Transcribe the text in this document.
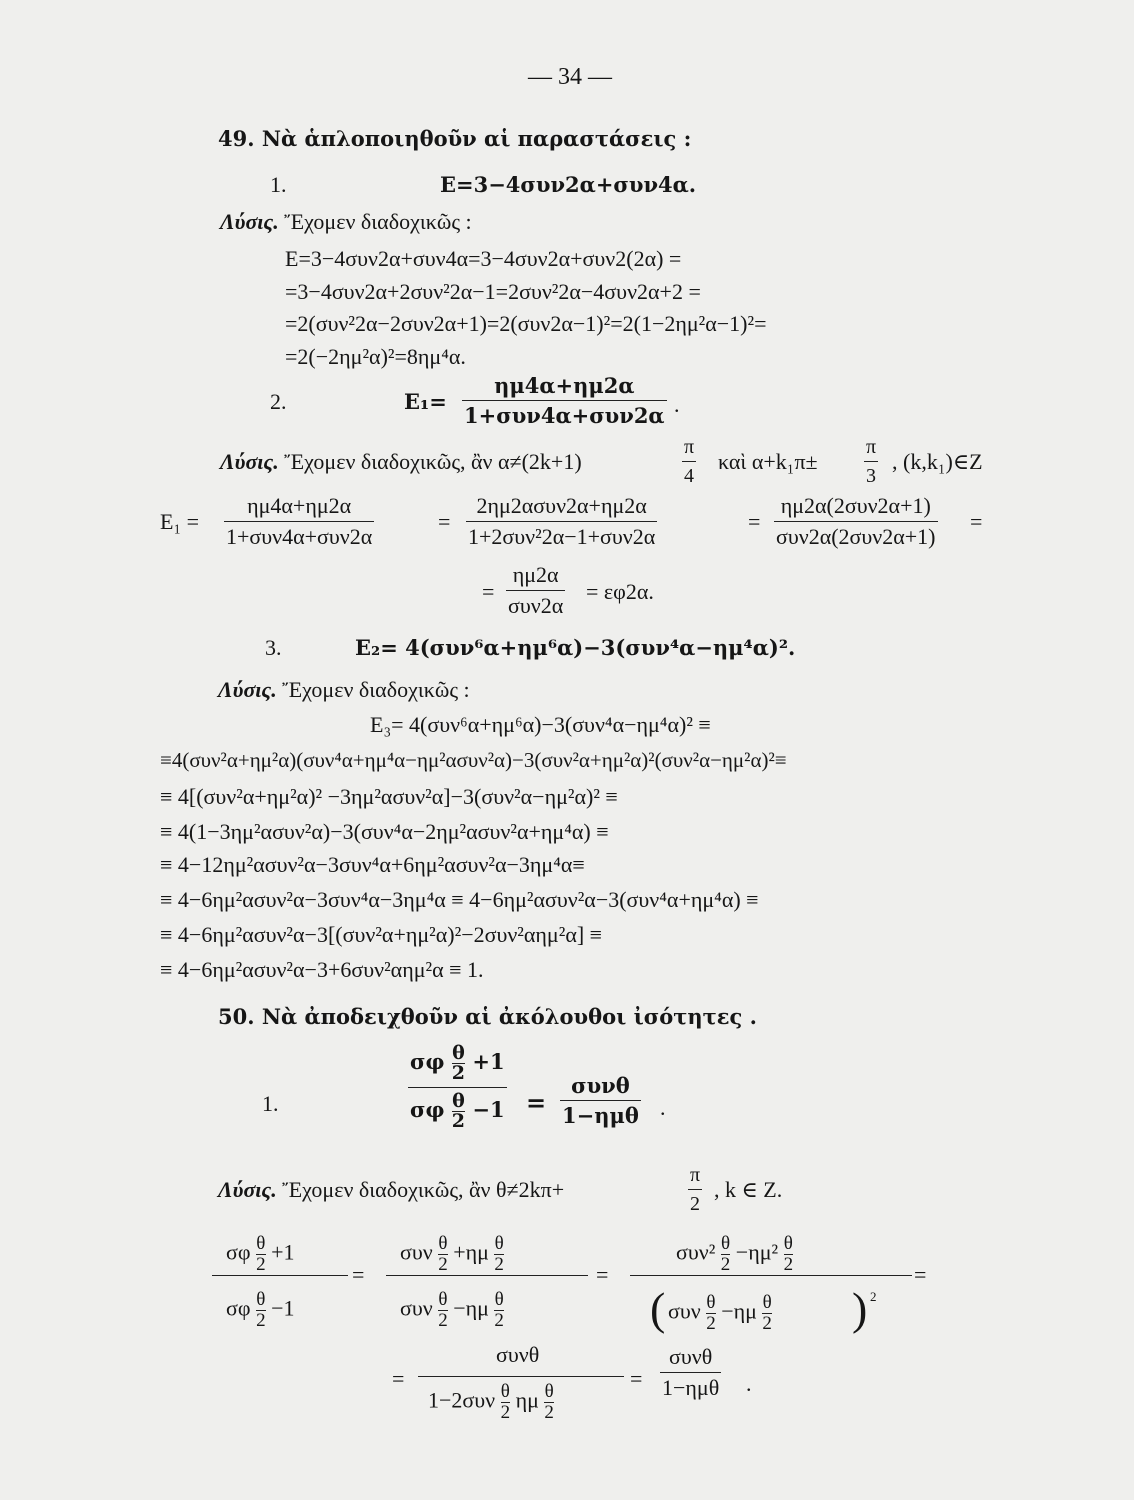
— 34 —
49. Νὰ ἁπλοποιηθοῦν αἱ παραστάσεις :
1.	E=3−4συν2α+συν4α.
Λύσις. Ἔχομεν διαδοχικῶς :
E=3−4συν2α+συν4α=3−4συν2α+συν2(2α) =
=3−4συν2α+2συν²2α−1=2συν²2α−4συν2α+2 =
=2(συν²2α−2συν2α+1)=2(συν2α−1)²=2(1−2ημ²α−1)²=
=2(−2ημ²α)²=8ημ⁴α.
2.	E₁=
ημ4α+ημ2α
1+συν4α+συν2α .
Λύσις. Ἔχομεν διαδοχικῶς, ἂν α≠(2k+1)	$\frac{\pi}{4}$ καὶ $\alpha+k_1\pi\pm \frac{\pi}{3}$ , (k,k₁)∈Z
E₁ =
ημ4α+ημ2α
1+συν4α+συν2α
=
2ημ2ασυν2α+ημ2α
1+2συν²2α−1+συν2α
=
ημ2α(2συν2α+1)
συν2α(2συν2α+1)
=
=
ημ2α
συν2α
= εφ2α.
3.	E₂= 4(συν⁶α+ημ⁶α)−3(συν⁴α−ημ⁴α)².
Λύσις. Ἔχομεν διαδοχικῶς :
E₃= 4(συν⁶α+ημ⁶α)−3(συν⁴α−ημ⁴α)² ≡
≡4(συν²α+ημ²α)(συν⁴α+ημ⁴α−ημ²ασυν²α)−3(συν²α+ημ²α)²(συν²α−ημ²α)²≡
≡ 4[(συν²α+ημ²α)² −3ημ²ασυν²α]−3(συν²α−ημ²α)² ≡
≡ 4(1−3ημ²ασυν²α)−3(συν⁴α−2ημ²ασυν²α+ημ⁴α) ≡
≡ 4−12ημ²ασυν²α−3συν⁴α+6ημ²ασυν²α−3ημ⁴α≡
≡ 4−6ημ²ασυν²α−3συν⁴α−3ημ⁴α ≡ 4−6ημ²ασυν²α−3(συν⁴α+ημ⁴α) ≡
≡ 4−6ημ²ασυν²α−3[(συν²α+ημ²α)²−2συν²αημ²α] ≡
≡ 4−6ημ²ασυν²α−3+6συν²αημ²α ≡ 1.
50. Νὰ ἀποδειχθοῦν αἱ ἀκόλουθοι ἰσότητες .
1.	$\frac{\sigma\varphi \frac{\theta}{2} +1}{\sigma\varphi \frac{\theta}{2} -1}$ =
συνθ
1−ημθ .
Λύσις. Ἔχομεν διαδοχικῶς, ἂν θ≠2kπ+	$\frac{\pi}{2}$ , k ∈ Z.
σφ $\frac{\theta}{2} +1$
σφ $\frac{\theta}{2} -1$
=
συν $\frac{\theta}{2} +\eta\mu \frac{\theta}{2}$
συν $\frac{\theta}{2} -\eta\mu \frac{\theta}{2}$
=
$\sigma\upsilon\nu^2 \frac{\theta}{2} -\eta\mu^2 \frac{\theta}{2}$
( συν $\frac{\theta}{2} -\eta\mu \frac{\theta}{2}$ ) 2
=
=
συνθ
$1-2\sigma\upsilon\nu \frac{\theta}{2}$ ημ $\frac{\theta}{2}$
=
συνθ
1−ημθ .
